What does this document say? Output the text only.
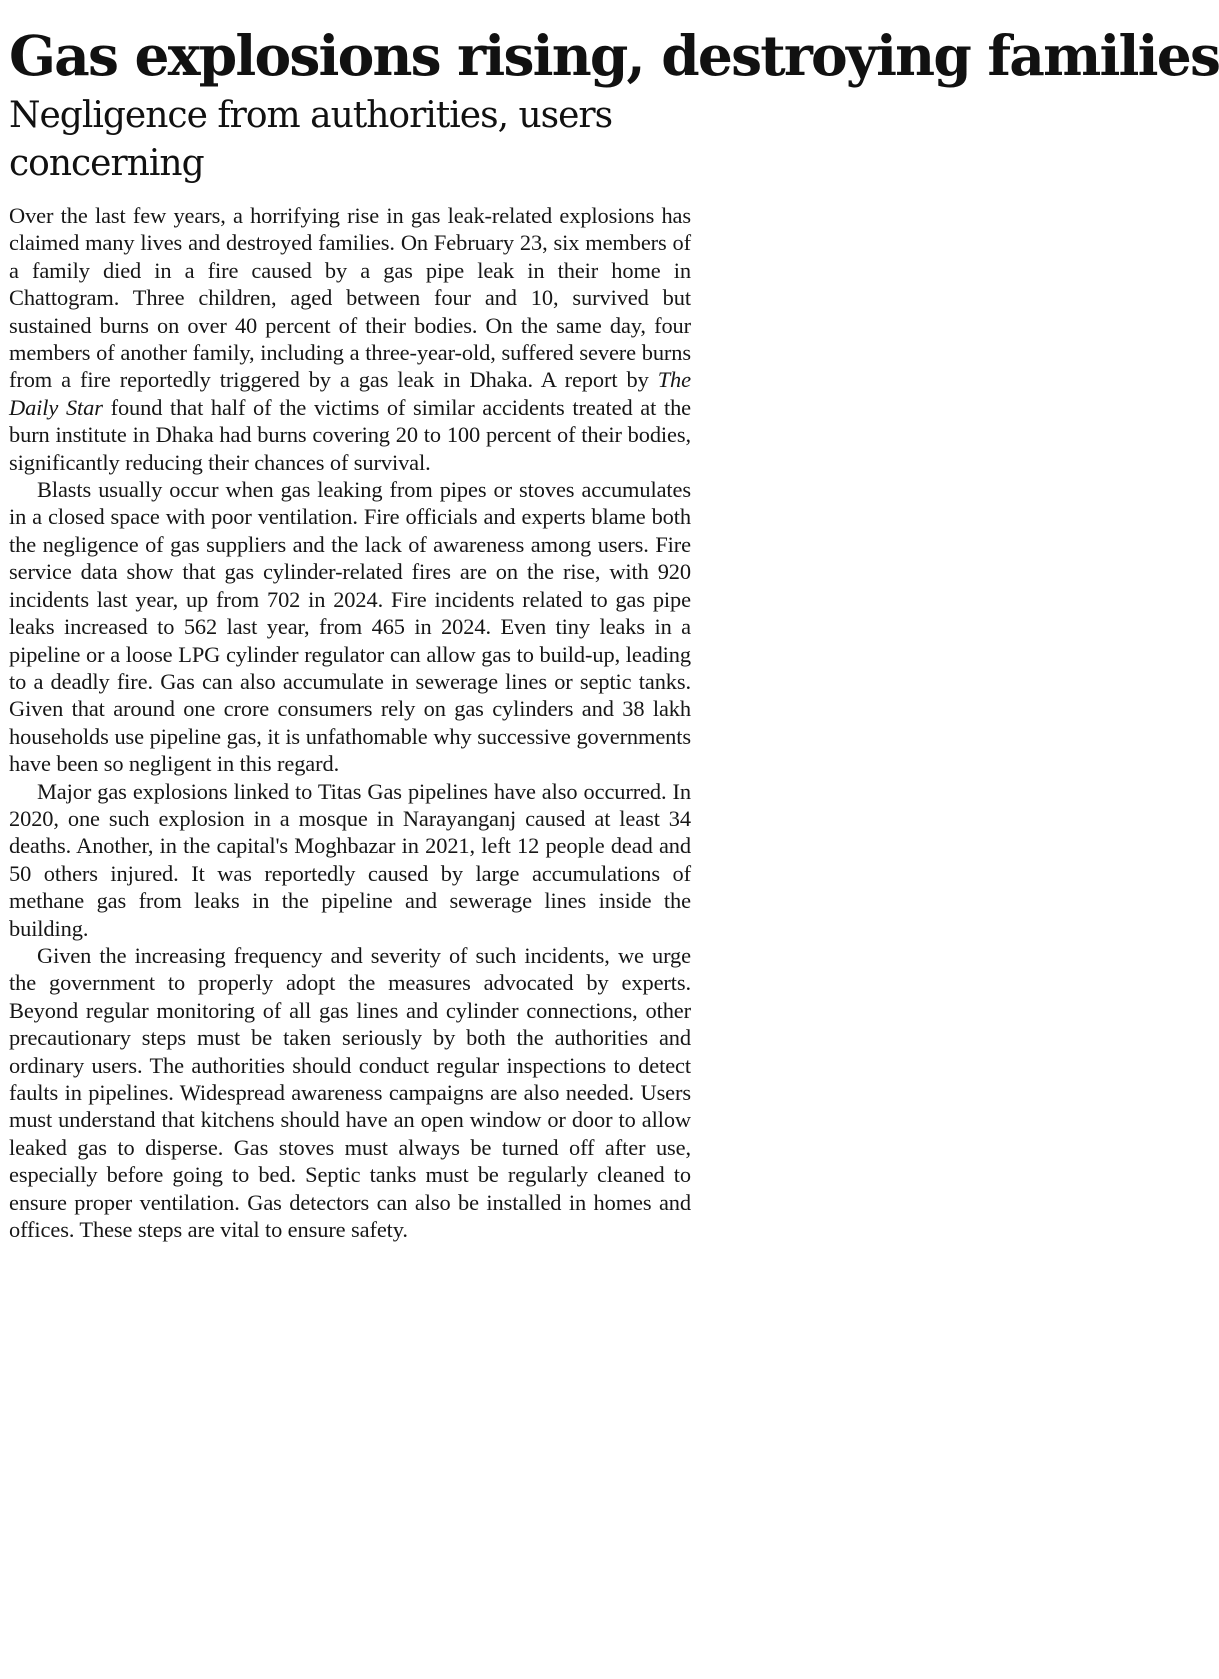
Gas explosions rising, destroying families
Negligence from authorities, users concerning

Over the last few years, a horrifying rise in gas leak-related explosions has claimed many lives and destroyed families. On February 23, six members of a family died in a fire caused by a gas pipe leak in their home in Chattogram. Three children, aged between four and 10, survived but sustained burns on over 40 percent of their bodies. On the same day, four members of another family, including a three-year-old, suffered severe burns from a fire reportedly triggered by a gas leak in Dhaka. A report by The Daily Star found that half of the victims of similar accidents treated at the burn institute in Dhaka had burns covering 20 to 100 percent of their bodies, significantly reducing their chances of survival.

Blasts usually occur when gas leaking from pipes or stoves accumulates in a closed space with poor ventilation. Fire officials and experts blame both the negligence of gas suppliers and the lack of awareness among users. Fire service data show that gas cylinder-related fires are on the rise, with 920 incidents last year, up from 702 in 2024. Fire incidents related to gas pipe leaks increased to 562 last year, from 465 in 2024. Even tiny leaks in a pipeline or a loose LPG cylinder regulator can allow gas to build-up, leading to a deadly fire. Gas can also accumulate in sewerage lines or septic tanks. Given that around one crore consumers rely on gas cylinders and 38 lakh households use pipeline gas, it is unfathomable why successive governments have been so negligent in this regard.

Major gas explosions linked to Titas Gas pipelines have also occurred. In 2020, one such explosion in a mosque in Narayanganj caused at least 34 deaths. Another, in the capital's Moghbazar in 2021, left 12 people dead and 50 others injured. It was reportedly caused by large accumulations of methane gas from leaks in the pipeline and sewerage lines inside the building.

Given the increasing frequency and severity of such incidents, we urge the government to properly adopt the measures advocated by experts. Beyond regular monitoring of all gas lines and cylinder connections, other precautionary steps must be taken seriously by both the authorities and ordinary users. The authorities should conduct regular inspections to detect faults in pipelines. Widespread awareness campaigns are also needed. Users must understand that kitchens should have an open window or door to allow leaked gas to disperse. Gas stoves must always be turned off after use, especially before going to bed. Septic tanks must be regularly cleaned to ensure proper ventilation. Gas detectors can also be installed in homes and offices. These steps are vital to ensure safety.
